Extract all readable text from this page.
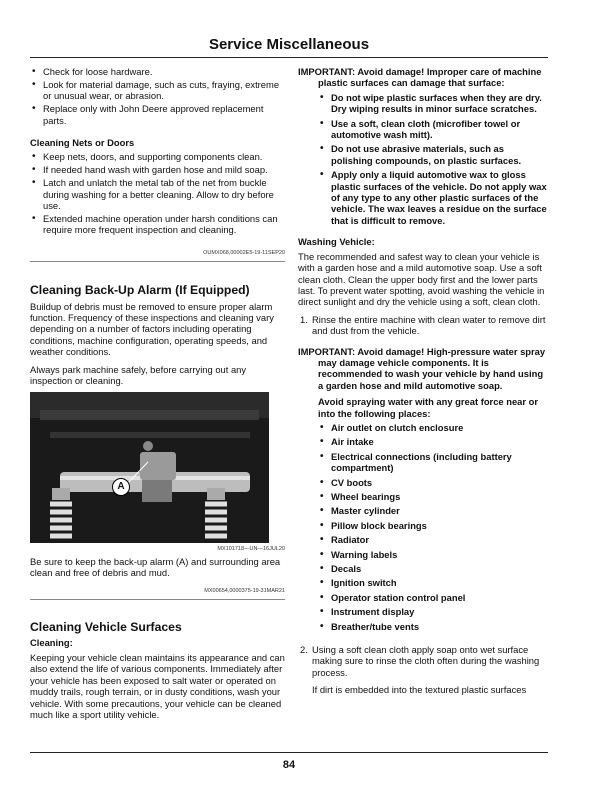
Service Miscellaneous
• Check for loose hardware.
• Look for material damage, such as cuts, fraying, extreme or unusual wear, or abrasion.
• Replace only with John Deere approved replacement parts.
Cleaning Nets or Doors
• Keep nets, doors, and supporting components clean.
• If needed hand wash with garden hose and mild soap.
• Latch and unlatch the metal tab of the net from buckle during washing for a better cleaning. Allow to dry before use.
• Extended machine operation under harsh conditions can require more frequent inspection and cleaning.
OUMX068,00002E5-19-11SEP20
Cleaning Back-Up Alarm (If Equipped)

Buildup of debris must be removed to ensure proper alarm function. Frequency of these inspections and cleaning vary depending on a number of factors including operating conditions, machine configuration, operating speeds, and weather conditions.

Always park machine safely, before carrying out any inspection or cleaning.

A
MX101718—UN—16JUL20

Be sure to keep the back-up alarm (A) and surrounding area clean and free of debris and mud.

MX00654,0000375-19-31MAR21
Cleaning Vehicle Surfaces
Cleaning:

Keeping your vehicle clean maintains its appearance and can also extend the life of various components. Immediately after your vehicle has been exposed to salt water or operated on muddy trails, rough terrain, or in dusty conditions, wash your vehicle. With some precautions, your vehicle can be cleaned much like a sport utility vehicle.

IMPORTANT: Avoid damage! Improper care of machine plastic surfaces can damage that surface:
• Do not wipe plastic surfaces when they are dry. Dry wiping results in minor surface scratches.
• Use a soft, clean cloth (microfiber towel or automotive wash mitt).
• Do not use abrasive materials, such as polishing compounds, on plastic surfaces.
• Apply only a liquid automotive wax to gloss plastic surfaces of the vehicle. Do not apply wax of any type to any other plastic surfaces of the vehicle. The wax leaves a residue on the surface that is difficult to remove.
Washing Vehicle:

The recommended and safest way to clean your vehicle is with a garden hose and a mild automotive soap. Use a soft clean cloth. Clean the upper body first and the lower parts last. To prevent water spotting, avoid washing the vehicle in direct sunlight and dry the vehicle using a soft, clean cloth.

1. Rinse the entire machine with clean water to remove dirt and dust from the vehicle.
IMPORTANT: Avoid damage! High-pressure water spray may damage vehicle components. It is recommended to wash your vehicle by hand using a garden hose and mild automotive soap.
Avoid spraying water with any great force near or into the following places:
• Air outlet on clutch enclosure
• Air intake
• Electrical connections (including battery compartment)
• CV boots
• Wheel bearings
• Master cylinder
• Pillow block bearings
• Radiator
• Warning labels
• Decals
• Ignition switch
• Operator station control panel
• Instrument display
• Breather/tube vents
2. Using a soft clean cloth apply soap onto wet surface making sure to rinse the cloth often during the washing process.

If dirt is embedded into the textured plastic surfaces

84
